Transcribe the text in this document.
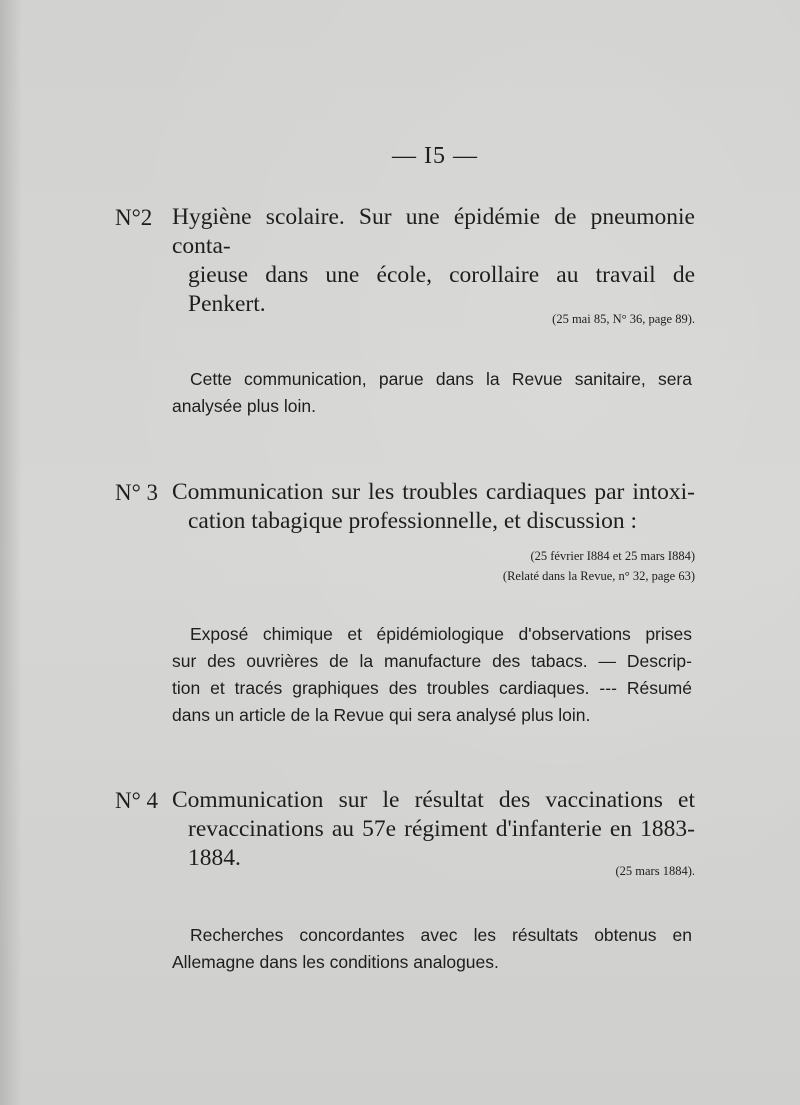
— I5 —
N°2 Hygiène scolaire. Sur une épidémie de pneumonie conta-
gieuse dans une école, corollaire au travail de
Penkert.
(25 mai 85, N° 36, page 89).
Cette communication, parue dans la Revue sanitaire, sera
analysée plus loin.
N° 3 Communication sur les troubles cardiaques par intoxi-
cation tabagique professionnelle, et discussion :
(25 février I884 et 25 mars I884)
(Relaté dans la Revue, n° 32, page 63)
Exposé chimique et épidémiologique d'observations prises
sur des ouvrières de la manufacture des tabacs. — Descrip-
tion et tracés graphiques des troubles cardiaques. --- Résumé
dans un article de la Revue qui sera analysé plus loin.
N° 4 Communication sur le résultat des vaccinations et
revaccinations au 57e régiment d'infanterie en 1883-
1884.	(25 mars 1884).
Recherches concordantes avec les résultats obtenus en
Allemagne dans les conditions analogues.
